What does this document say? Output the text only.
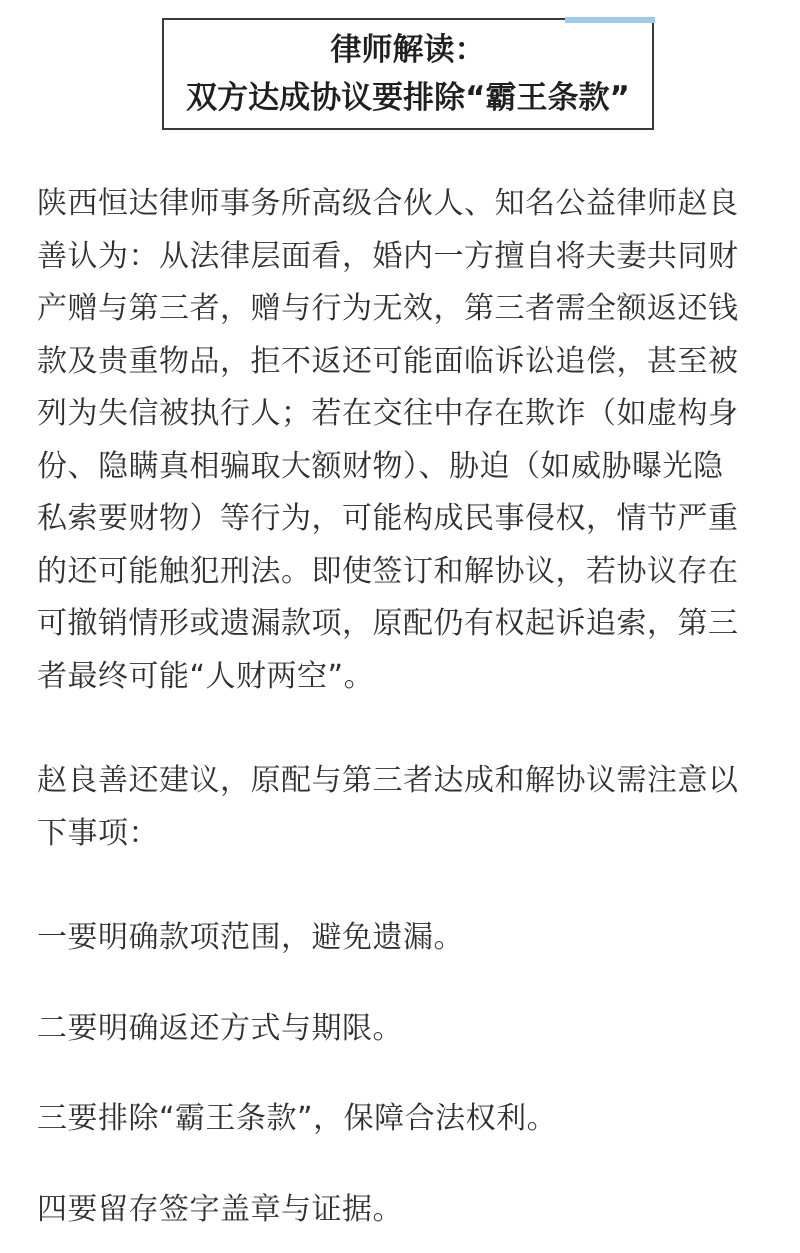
律师解读：
双方达成协议要排除“霸王条款”

陕西恒达律师事务所高级合伙人、知名公益律师赵良
善认为：从法律层面看，婚内一方擅自将夫妻共同财
产赠与第三者，赠与行为无效，第三者需全额返还钱
款及贵重物品，拒不返还可能面临诉讼追偿，甚至被
列为失信被执行人；若在交往中存在欺诈（如虚构身
份、隐瞒真相骗取大额财物）、胁迫（如威胁曝光隐
私索要财物）等行为，可能构成民事侵权，情节严重
的还可能触犯刑法。即使签订和解协议，若协议存在
可撤销情形或遗漏款项，原配仍有权起诉追索，第三
者最终可能“人财两空”。

赵良善还建议，原配与第三者达成和解协议需注意以
下事项：

一要明确款项范围，避免遗漏。

二要明确返还方式与期限。

三要排除“霸王条款”，保障合法权利。

四要留存签字盖章与证据。
